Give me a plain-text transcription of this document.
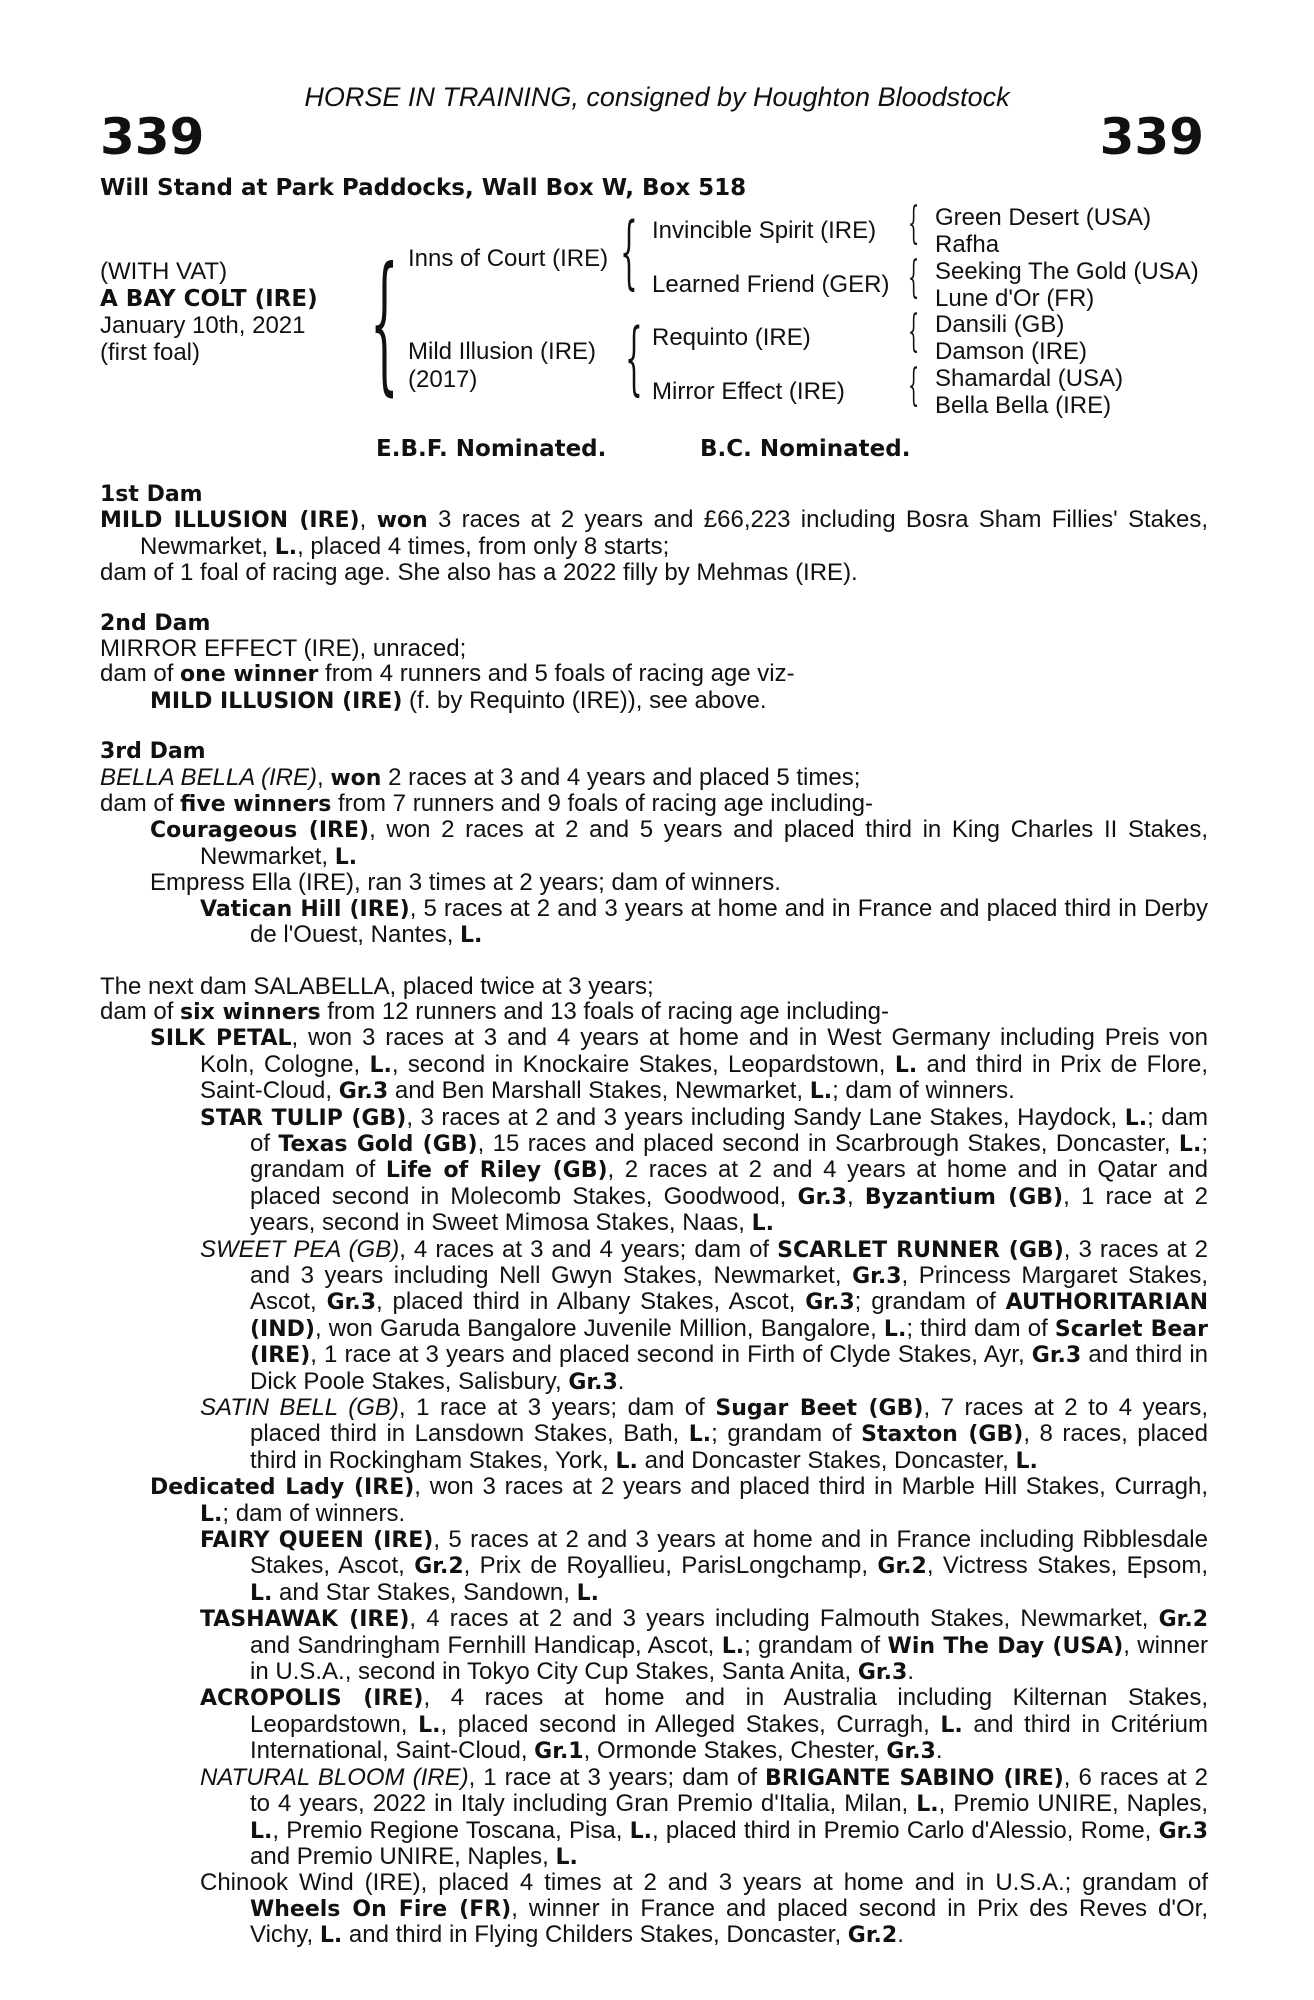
HORSE IN TRAINING, consigned by Houghton Bloodstock
339	339
Will Stand at Park Paddocks, Wall Box W, Box 518
(WITH VAT)
A BAY COLT (IRE)
January 10th, 2021
(first foal) { Inns of Court (IRE)
Mild Illusion (IRE)
(2017)
{
{
Invincible Spirit (IRE)
Learned Friend (GER)
Requinto (IRE)
Mirror Effect (IRE)
{
{
{
{
Green Desert (USA)
Rafha
Seeking The Gold (USA)
Lune d'Or (FR)
Dansili (GB)
Damson (IRE)
Shamardal (USA)
Bella Bella (IRE)
E.B.F. Nominated.	B.C. Nominated.
1st Dam
MILD ILLUSION (IRE), won 3 races at 2 years and £66,223 including Bosra Sham Fillies' Stakes, Newmarket, L., placed 4 times, from only 8 starts;
dam of 1 foal of racing age. She also has a 2022 filly by Mehmas (IRE).
2nd Dam
MIRROR EFFECT (IRE), unraced;
dam of one winner from 4 runners and 5 foals of racing age viz-
MILD ILLUSION (IRE) (f. by Requinto (IRE)), see above.
3rd Dam
BELLA BELLA (IRE), won 2 races at 3 and 4 years and placed 5 times;
dam of five winners from 7 runners and 9 foals of racing age including-
Courageous (IRE), won 2 races at 2 and 5 years and placed third in King Charles II Stakes, Newmarket, L.
Empress Ella (IRE), ran 3 times at 2 years; dam of winners.
Vatican Hill (IRE), 5 races at 2 and 3 years at home and in France and placed third in Derby de l'Ouest, Nantes, L.
The next dam SALABELLA, placed twice at 3 years;
dam of six winners from 12 runners and 13 foals of racing age including-
SILK PETAL, won 3 races at 3 and 4 years at home and in West Germany including Preis von Koln, Cologne, L., second in Knockaire Stakes, Leopardstown, L. and third in Prix de Flore, Saint-Cloud, Gr.3 and Ben Marshall Stakes, Newmarket, L.; dam of winners.
STAR TULIP (GB), 3 races at 2 and 3 years including Sandy Lane Stakes, Haydock, L.; dam of Texas Gold (GB), 15 races and placed second in Scarbrough Stakes, Doncaster, L.; grandam of Life of Riley (GB), 2 races at 2 and 4 years at home and in Qatar and placed second in Molecomb Stakes, Goodwood, Gr.3, Byzantium (GB), 1 race at 2 years, second in Sweet Mimosa Stakes, Naas, L.
SWEET PEA (GB), 4 races at 3 and 4 years; dam of SCARLET RUNNER (GB), 3 races at 2 and 3 years including Nell Gwyn Stakes, Newmarket, Gr.3, Princess Margaret Stakes, Ascot, Gr.3, placed third in Albany Stakes, Ascot, Gr.3; grandam of AUTHORITARIAN (IND), won Garuda Bangalore Juvenile Million, Bangalore, L.; third dam of Scarlet Bear (IRE), 1 race at 3 years and placed second in Firth of Clyde Stakes, Ayr, Gr.3 and third in Dick Poole Stakes, Salisbury, Gr.3.
SATIN BELL (GB), 1 race at 3 years; dam of Sugar Beet (GB), 7 races at 2 to 4 years, placed third in Lansdown Stakes, Bath, L.; grandam of Staxton (GB), 8 races, placed third in Rockingham Stakes, York, L. and Doncaster Stakes, Doncaster, L.
Dedicated Lady (IRE), won 3 races at 2 years and placed third in Marble Hill Stakes, Curragh, L.; dam of winners.
FAIRY QUEEN (IRE), 5 races at 2 and 3 years at home and in France including Ribblesdale Stakes, Ascot, Gr.2, Prix de Royallieu, ParisLongchamp, Gr.2, Victress Stakes, Epsom, L. and Star Stakes, Sandown, L.
TASHAWAK (IRE), 4 races at 2 and 3 years including Falmouth Stakes, Newmarket, Gr.2 and Sandringham Fernhill Handicap, Ascot, L.; grandam of Win The Day (USA), winner in U.S.A., second in Tokyo City Cup Stakes, Santa Anita, Gr.3.
ACROPOLIS (IRE), 4 races at home and in Australia including Kilternan Stakes, Leopardstown, L., placed second in Alleged Stakes, Curragh, L. and third in Critérium International, Saint-Cloud, Gr.1, Ormonde Stakes, Chester, Gr.3.
NATURAL BLOOM (IRE), 1 race at 3 years; dam of BRIGANTE SABINO (IRE), 6 races at 2 to 4 years, 2022 in Italy including Gran Premio d'Italia, Milan, L., Premio UNIRE, Naples, L., Premio Regione Toscana, Pisa, L., placed third in Premio Carlo d'Alessio, Rome, Gr.3 and Premio UNIRE, Naples, L.
Chinook Wind (IRE), placed 4 times at 2 and 3 years at home and in U.S.A.; grandam of Wheels On Fire (FR), winner in France and placed second in Prix des Reves d'Or, Vichy, L. and third in Flying Childers Stakes, Doncaster, Gr.2.
